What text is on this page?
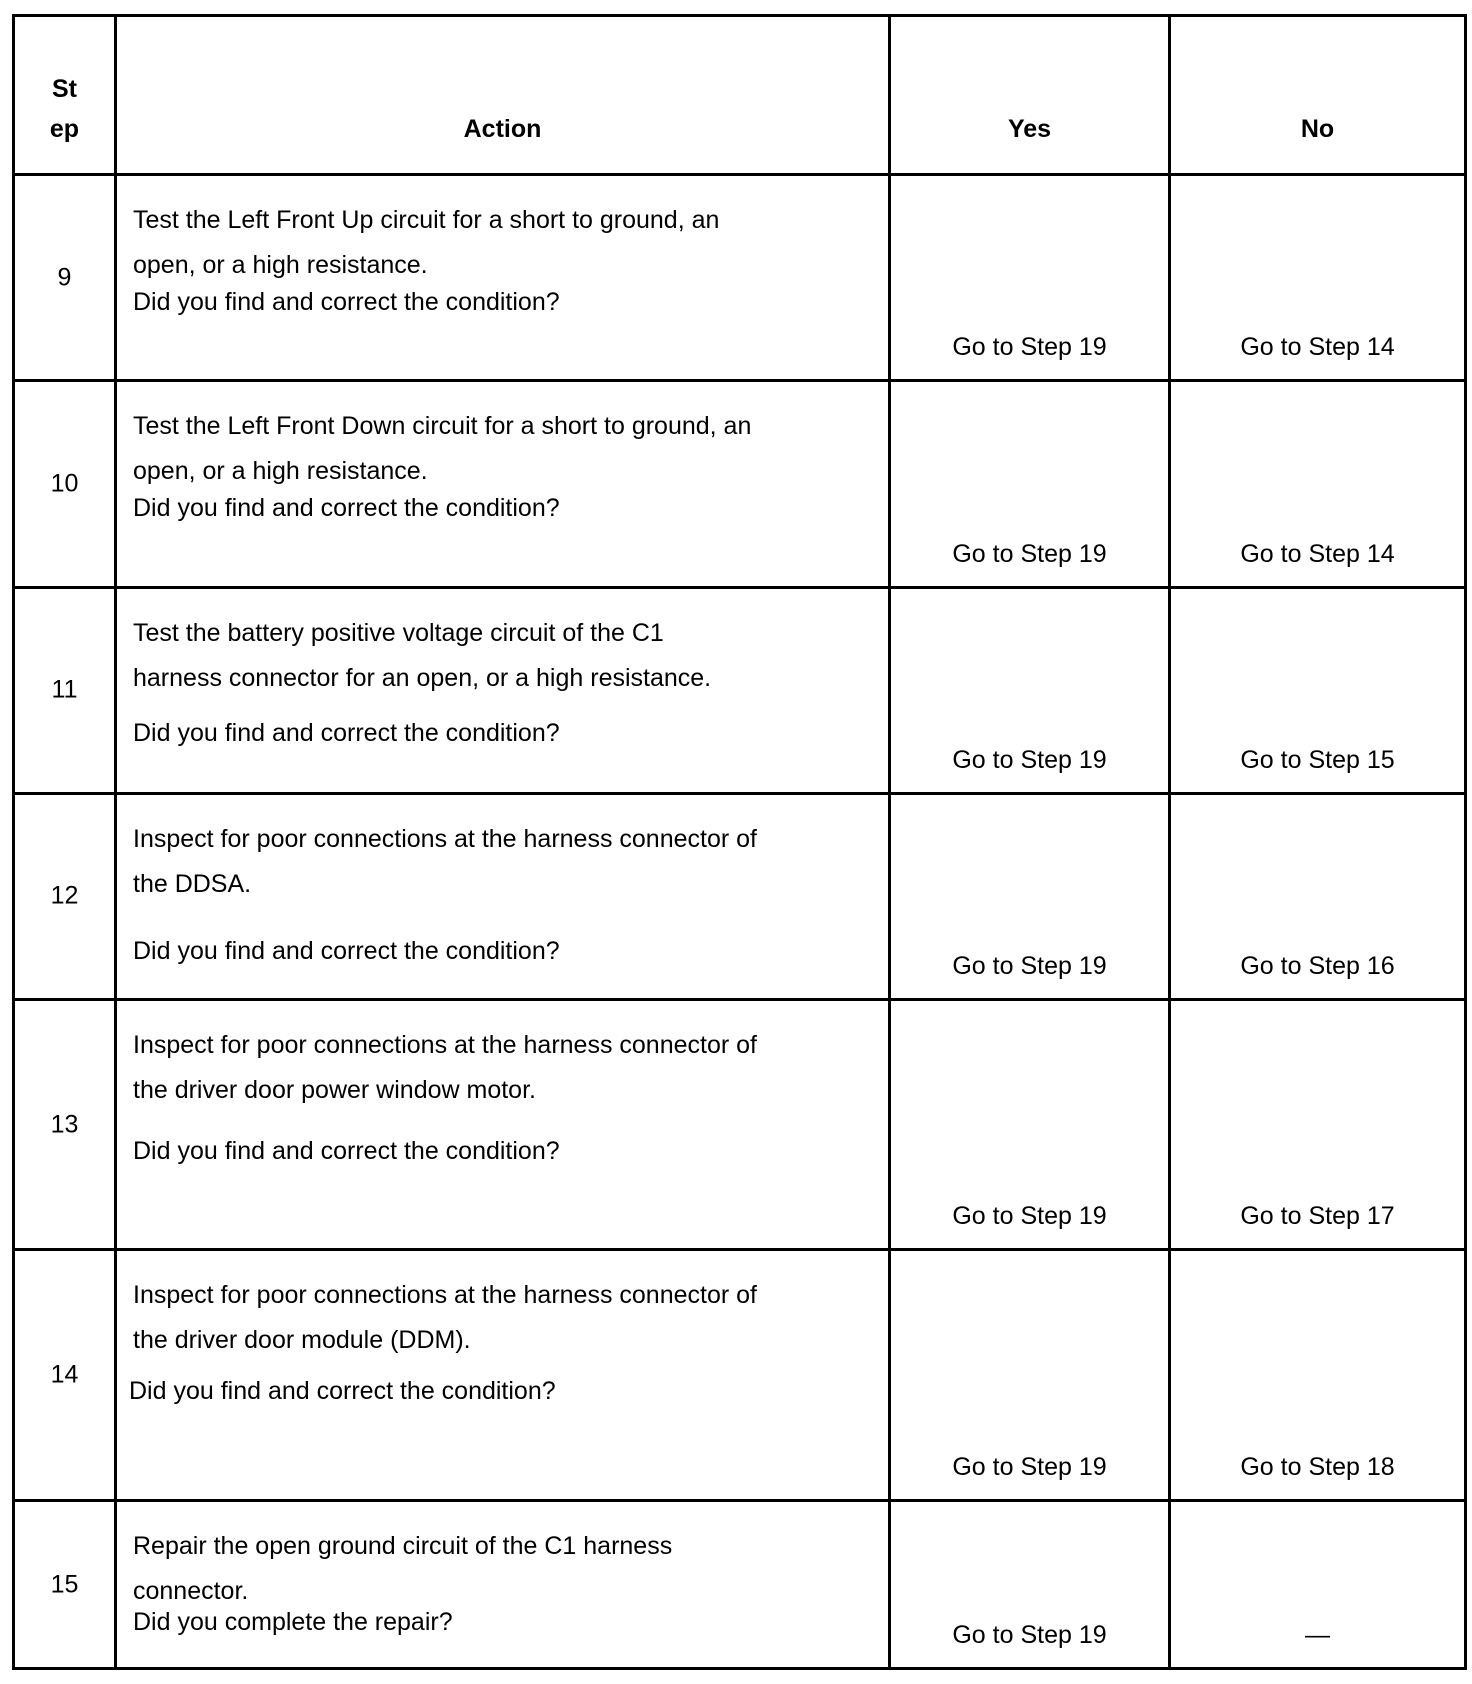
St
ep	Action	Yes	No

9	Test the Left Front Up circuit for a short to ground, an
open, or a high resistance.
Did you find and correct the condition?	Go to Step 19	Go to Step 14

10	Test the Left Front Down circuit for a short to ground, an
open, or a high resistance.
Did you find and correct the condition?	Go to Step 19	Go to Step 14

11	Test the battery positive voltage circuit of the C1
harness connector for an open, or a high resistance.
Did you find and correct the condition?	Go to Step 19	Go to Step 15

12	Inspect for poor connections at the harness connector of
the DDSA.
Did you find and correct the condition?	Go to Step 19	Go to Step 16

13	Inspect for poor connections at the harness connector of
the driver door power window motor.
Did you find and correct the condition?	Go to Step 19	Go to Step 17

14	Inspect for poor connections at the harness connector of
the driver door module (DDM).
Did you find and correct the condition?	Go to Step 19	Go to Step 18

15	Repair the open ground circuit of the C1 harness
connector.
Did you complete the repair?	Go to Step 19	—
